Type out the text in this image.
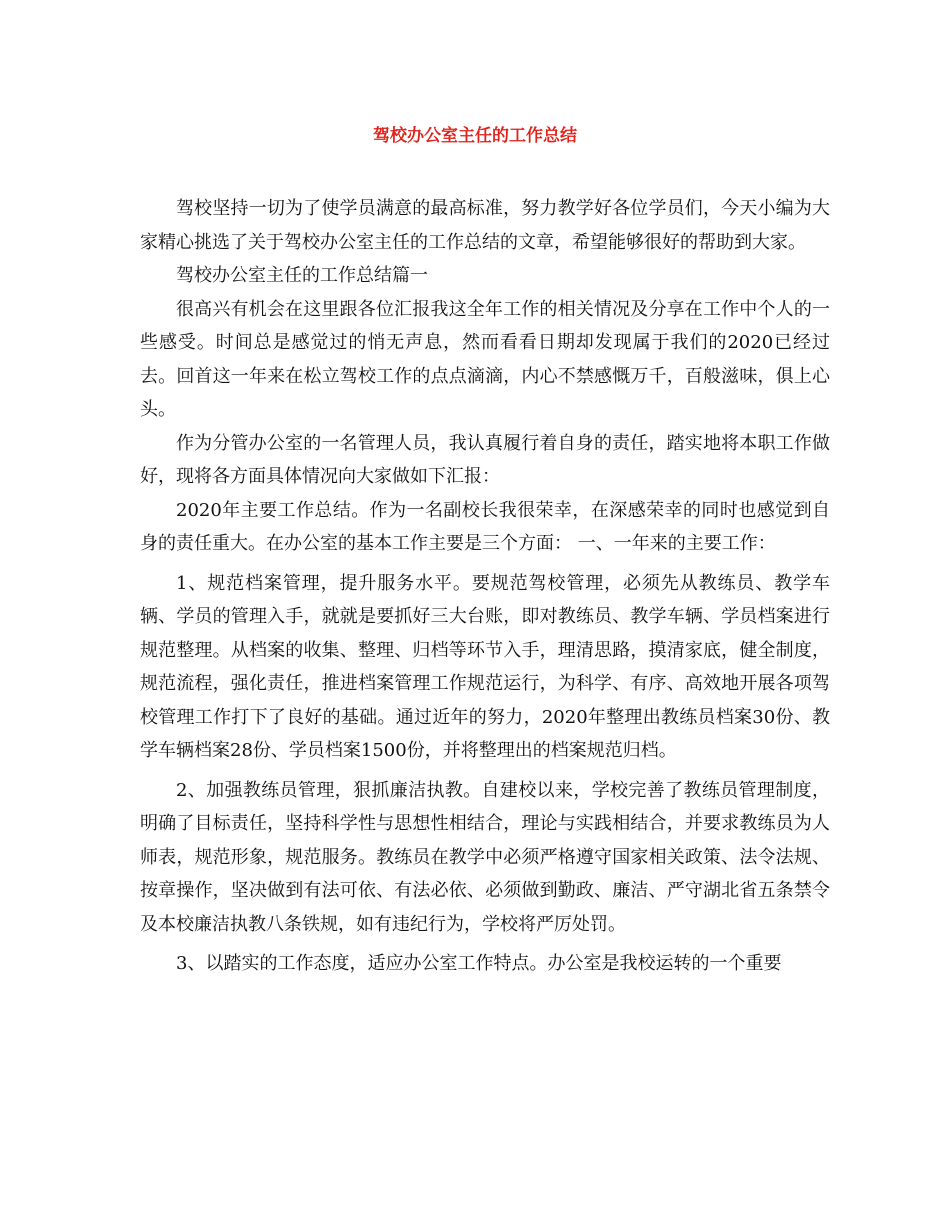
驾校办公室主任的工作总结

驾校坚持一切为了使学员满意的最高标准，努力教学好各位学员们，今天小编为大家精心挑选了关于驾校办公室主任的工作总结的文章，希望能够很好的帮助到大家。

驾校办公室主任的工作总结篇一

很高兴有机会在这里跟各位汇报我这全年工作的相关情况及分享在工作中个人的一些感受。时间总是感觉过的悄无声息，然而看看日期却发现属于我们的2020已经过去。回首这一年来在松立驾校工作的点点滴滴，内心不禁感慨万千，百般滋味，俱上心头。

作为分管办公室的一名管理人员，我认真履行着自身的责任，踏实地将本职工作做好，现将各方面具体情况向大家做如下汇报：

2020年主要工作总结。作为一名副校长我很荣幸，在深感荣幸的同时也感觉到自身的责任重大。在办公室的基本工作主要是三个方面： 一、一年来的主要工作：

1、规范档案管理，提升服务水平。要规范驾校管理，必须先从教练员、教学车辆、学员的管理入手，就就是要抓好三大台账，即对教练员、教学车辆、学员档案进行规范整理。从档案的收集、整理、归档等环节入手，理清思路，摸清家底，健全制度，规范流程，强化责任，推进档案管理工作规范运行，为科学、有序、高效地开展各项驾校管理工作打下了良好的基础。通过近年的努力，2020年整理出教练员档案30份、教学车辆档案28份、学员档案1500份，并将整理出的档案规范归档。

2、加强教练员管理，狠抓廉洁执教。自建校以来，学校完善了教练员管理制度，明确了目标责任，坚持科学性与思想性相结合，理论与实践相结合，并要求教练员为人师表，规范形象，规范服务。教练员在教学中必须严格遵守国家相关政策、法令法规、按章操作，坚决做到有法可依、有法必依、必须做到勤政、廉洁、严守湖北省五条禁令及本校廉洁执教八条铁规，如有违纪行为，学校将严厉处罚。

3、以踏实的工作态度，适应办公室工作特点。办公室是我校运转的一个重要
